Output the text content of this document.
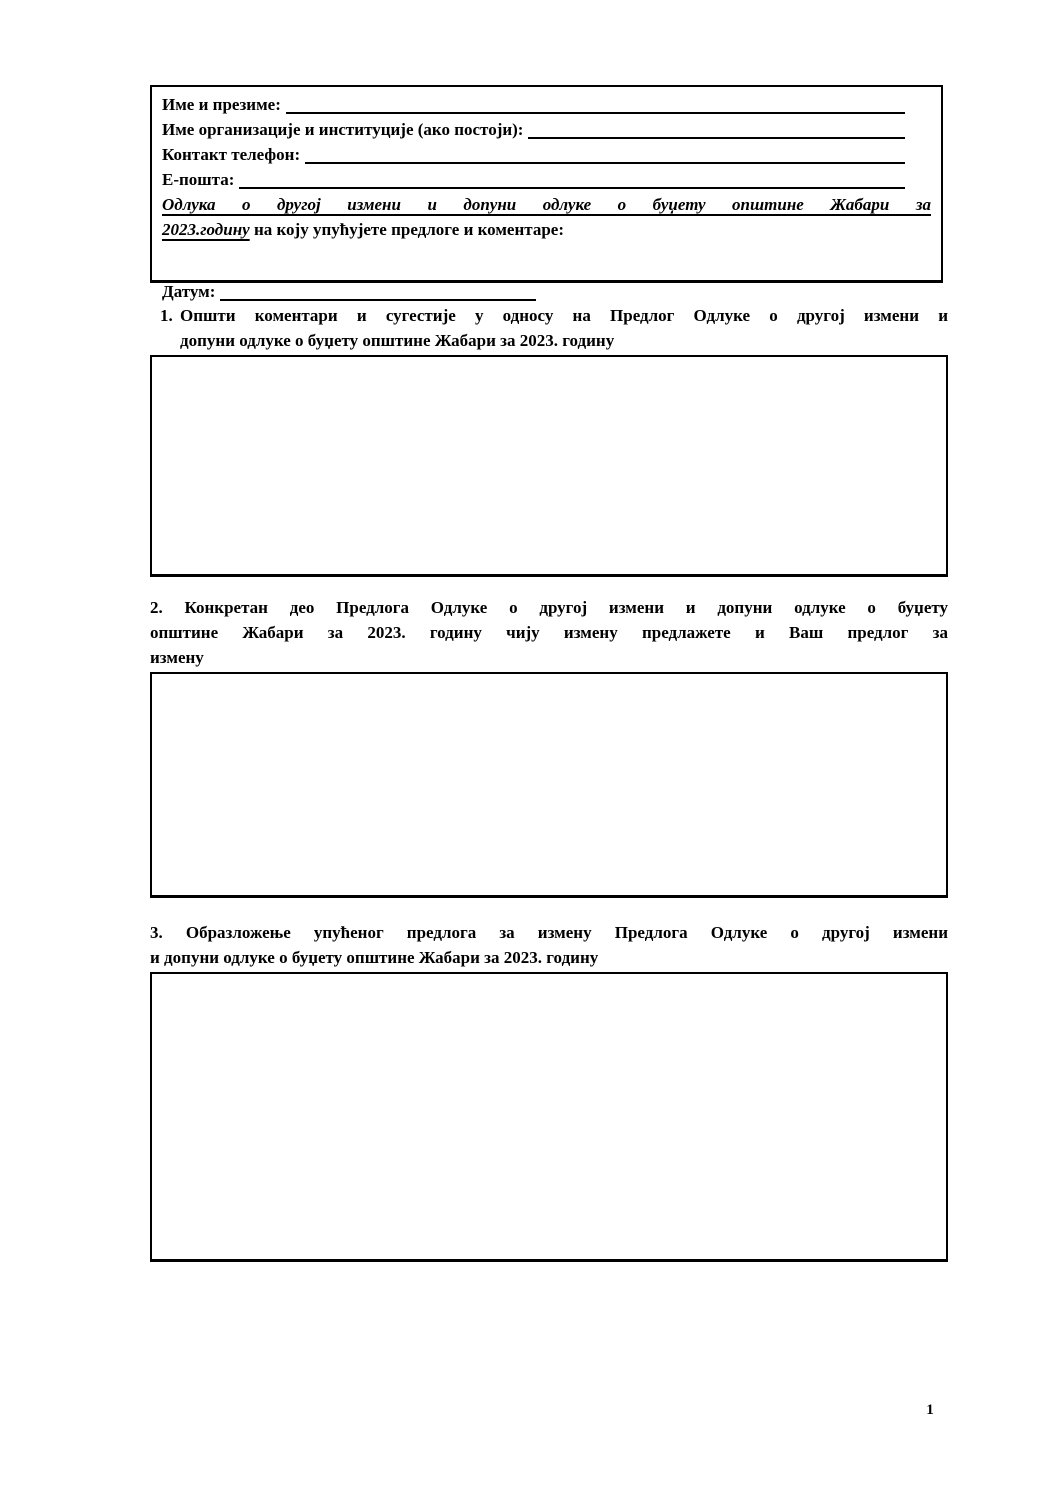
Име и презиме:
Име организације и институције (ако постоји):
Контакт телефон:
Е-пошта:
Одлука о другој измени и допуни одлуке о буџету општине Жабари за
2023.годину на коју упућујете предлоге и коментаре:
Датум:
1. Општи коментари и сугестије у односу на Предлог Одлуке о другој измени и
допуни одлуке о буџету општине Жабари за 2023. годину
2. Конкретан део Предлога Одлуке о другој измени и допуни одлуке о буџету
општине Жабари за 2023. годину чију измену предлажете и Ваш предлог за
измену
3. Образложење упућеног предлога за измену Предлога Одлуке о другој измени
и допуни одлуке о буџету општине Жабари за 2023. годину
1
